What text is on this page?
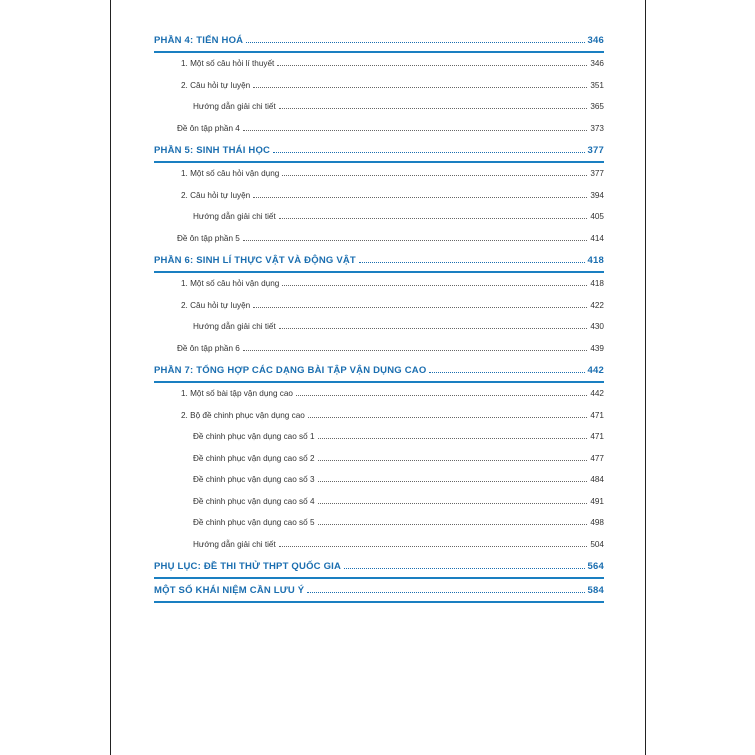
PHẦN 4: TIẾN HOÁ	346
1. Một số câu hỏi lí thuyết	346
2. Câu hỏi tự luyện	351
Hướng dẫn giải chi tiết	365
Đề ôn tập phần 4	373
PHẦN 5: SINH THÁI HỌC	377
1. Một số câu hỏi vận dụng	377
2. Câu hỏi tự luyện	394
Hướng dẫn giải chi tiết	405
Đề ôn tập phần 5	414
PHẦN 6: SINH LÍ THỰC VẬT VÀ ĐỘNG VẬT	418
1. Một số câu hỏi vận dụng	418
2. Câu hỏi tự luyện	422
Hướng dẫn giải chi tiết	430
Đề ôn tập phần 6	439
PHẦN 7: TỔNG HỢP CÁC DẠNG BÀI TẬP VẬN DỤNG CAO	442
1. Một số bài tập vận dụng cao	442
2. Bộ đề chinh phục vận dụng cao	471
Đề chinh phục vận dụng cao số 1	471
Đề chinh phục vận dụng cao số 2	477
Đề chinh phục vận dụng cao số 3	484
Đề chinh phục vận dụng cao số 4	491
Đề chinh phục vận dụng cao số 5	498
Hướng dẫn giải chi tiết	504
PHỤ LỤC: ĐỀ THI THỬ THPT QUỐC GIA	564
MỘT SỐ KHÁI NIỆM CẦN LƯU Ý	584
